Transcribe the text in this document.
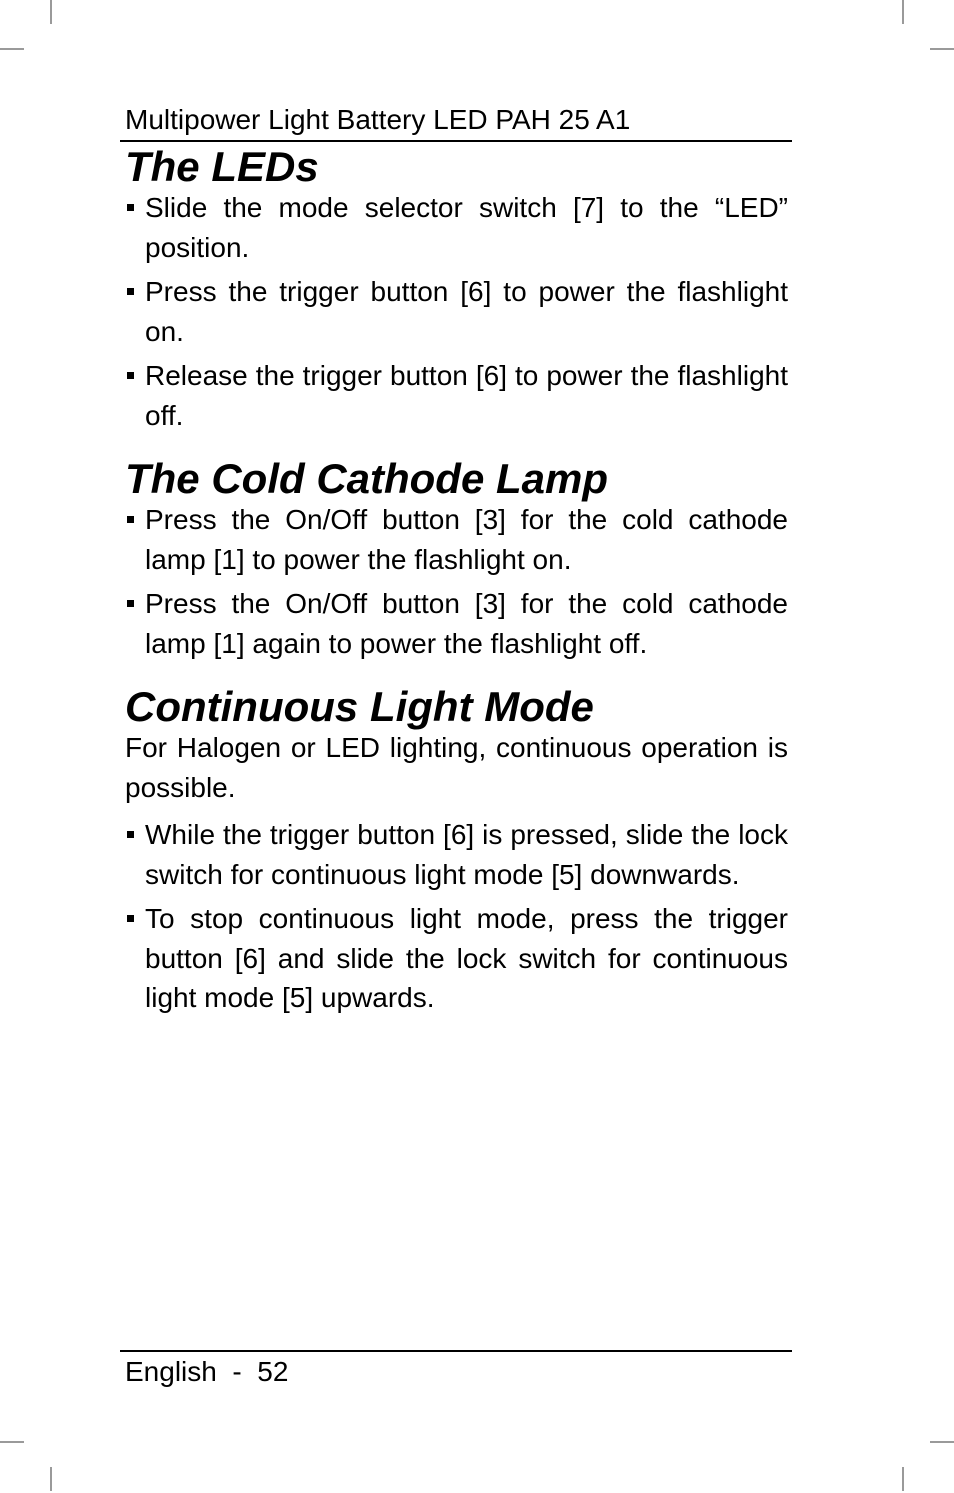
Multipower Light Battery LED PAH 25 A1
The LEDs
Slide the mode selector switch [7] to the “LED” position.
Press the trigger button [6] to power the flashlight on.
Release the trigger button [6] to power the flashlight off.
The Cold Cathode Lamp
Press the On/Off button [3] for the cold cathode lamp [1] to power the flashlight on.
Press the On/Off button [3] for the cold cathode lamp [1] again to power the flashlight off.
Continuous Light Mode

For Halogen or LED lighting, continuous operation is possible.

While the trigger button [6] is pressed, slide the lock switch for continuous light mode [5] downwards.
To stop continuous light mode, press the trigger button [6] and slide the lock switch for continuous light mode [5] upwards.
English  -  52
